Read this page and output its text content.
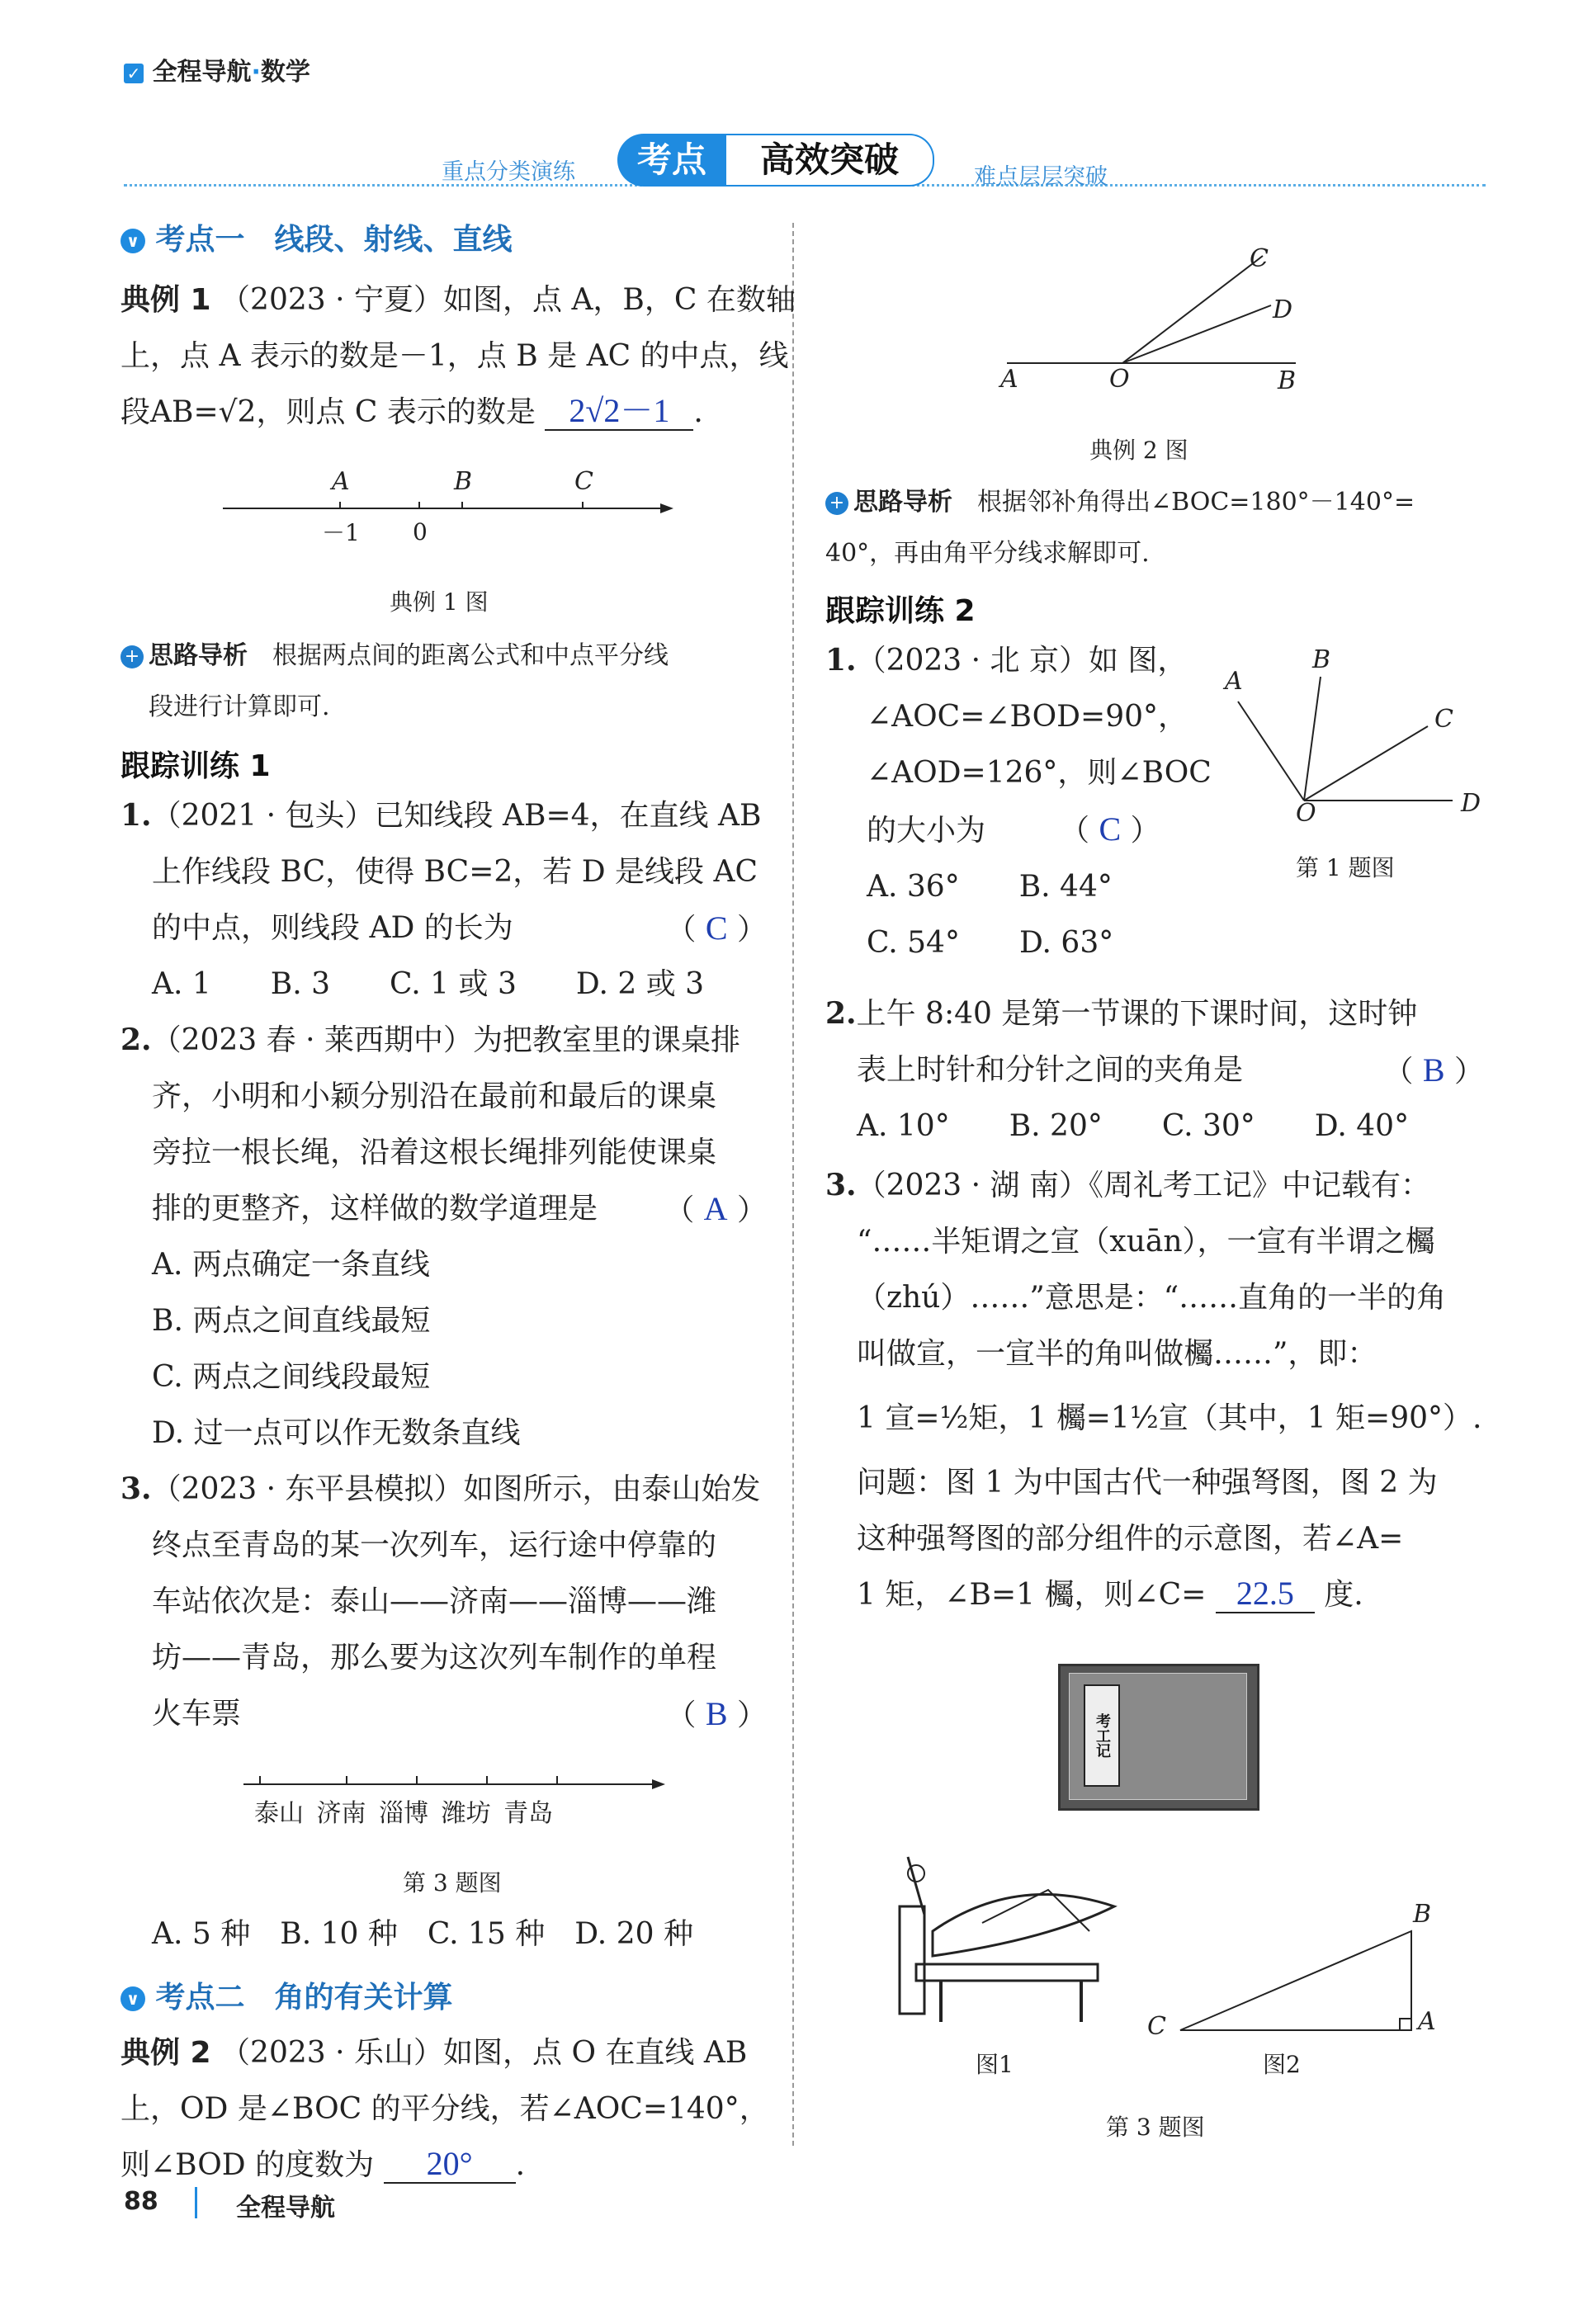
✓ 全程导航·数学
重点分类演练	难点层层突破
考点	高效突破
∨ 考点一　线段、射线、直线
典例 1 （2023 · 宁夏）如图，点 A，B，C 在数轴
上，点 A 表示的数是－1，点 B 是 AC 的中点，线
段AB=√2，则点 C 表示的数是 2√2－1 .
A	B	C
－1 0
典例 1 图
+ 思路导析　 根据两点间的距离公式和中点平分线
段进行计算即可.
跟踪训练 1
1.（2021 · 包头）已知线段 AB=4，在直线 AB
上作线段 BC，使得 BC=2，若 D 是线段 AC
的中点，则线段 AD 的长为	（ C ）
A. 1　　B. 3　　C. 1 或 3　　D. 2 或 3
2.（2023 春 · 莱西期中）为把教室里的课桌排
齐，小明和小颖分别沿在最前和最后的课桌
旁拉一根长绳，沿着这根长绳排列能使课桌
排的更整齐，这样做的数学道理是 （ A ）
A. 两点确定一条直线
B. 两点之间直线最短
C. 两点之间线段最短
D. 过一点可以作无数条直线
3.（2023 · 东平县模拟）如图所示，由泰山始发
终点至青岛的某一次列车，运行途中停靠的
车站依次是：泰山——济南——淄博——潍
坊——青岛，那么要为这次列车制作的单程
火车票	（ B ）
泰山 济南 淄博 潍坊 青岛
第 3 题图
A. 5 种　B. 10 种　C. 15 种　D. 20 种
∨ 考点二　角的有关计算
典例 2 （2023 · 乐山）如图，点 O 在直线 AB
上，OD 是∠BOC 的平分线，若∠AOC=140°，
则∠BOD 的度数为 20° .
88	全程导航
A	O	B
C
D
典例 2 图
+ 思路导析　 根据邻补角得出∠BOC=180°－140°=
40°，再由角平分线求解即可.
跟踪训练 2
1.（2023 · 北 京）如 图，
∠AOC=∠BOD=90°，
∠AOD=126°，则∠BOC
的大小为　　　（ C ）
A. 36°　　B. 44°
C. 54°　　D. 63°
A
B
C
D
O
第 1 题图
2.上午 8:40 是第一节课的下课时间，这时钟
表上时针和分针之间的夹角是	（ B ）
A. 10°　　B. 20°　　C. 30°　　D. 40°
3.（2023 · 湖 南）《周礼考工记》中记载有：
“……半矩谓之宣（xuān），一宣有半谓之欘
（zhú）……”意思是：“……直角的一半的角
叫做宣，一宣半的角叫做欘……”，即：
1 宣=½矩，1 欘=1½宣（其中，1 矩=90°）.
问题：图 1 为中国古代一种强弩图，图 2 为
这种强弩图的部分组件的示意图，若∠A=
1 矩，∠B=1 欘，则∠C= 22.5 度.
考工记
图1
B
C	A
图2
第 3 题图
